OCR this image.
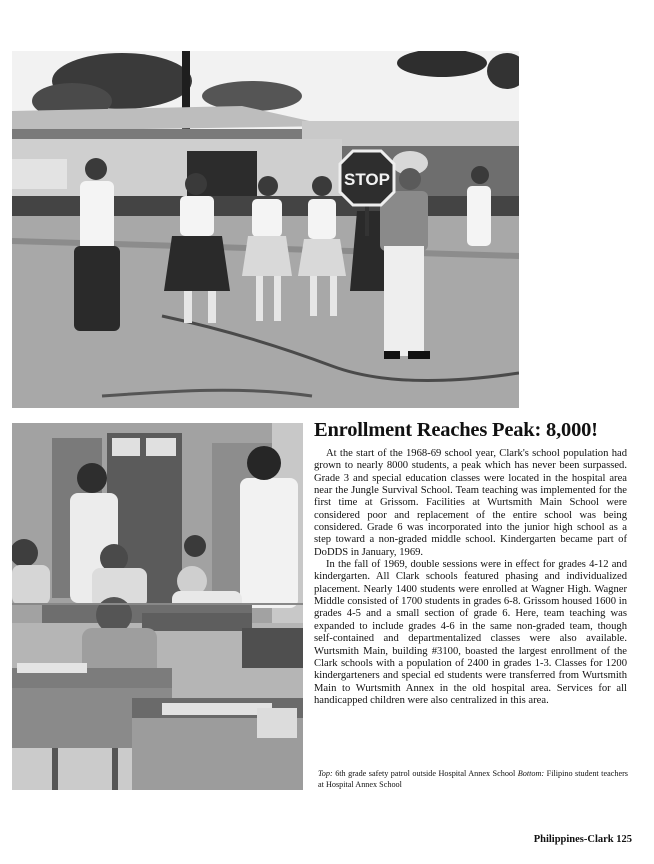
STOP
Enrollment Reaches Peak: 8,000!

At the start of the 1968-69 school year, Clark's school population had grown to nearly 8000 students, a peak which has never been surpassed. Grade 3 and special education classes were located in the hospital area near the Jungle Survival School. Team teaching was implemented for the first time at Grissom. Facilities at Wurtsmith Main School were considered poor and replacement of the entire school was being considered. Grade 6 was incorporated into the junior high school as a step toward a non-graded middle school. Kindergarten became part of DoDDS in January, 1969.

In the fall of 1969, double sessions were in effect for grades 4-12 and kindergarten. All Clark schools featured phasing and individualized placement. Nearly 1400 students were enrolled at Wagner High. Wagner Middle consisted of 1700 students in grades 6-8. Grissom housed 1600 in grades 4-5 and a small section of grade 6. Here, team teaching was expanded to include grades 4-6 in the same non-graded team, though self-contained and departmentalized classes were also available. Wurtsmith Main, building #3100, boasted the largest enrollment of the Clark schools with a population of 2400 in grades 1-3. Classes for 1200 kindergarteners and special ed students were transferred from Wurtsmith Main to Wurtsmith Annex in the old hospital area. Services for all handicapped children were also centralized in this area.

Top: 6th grade safety patrol outside Hospital Annex School Bottom: Filipino student teachers at Hospital Annex School

Philippines-Clark 125
